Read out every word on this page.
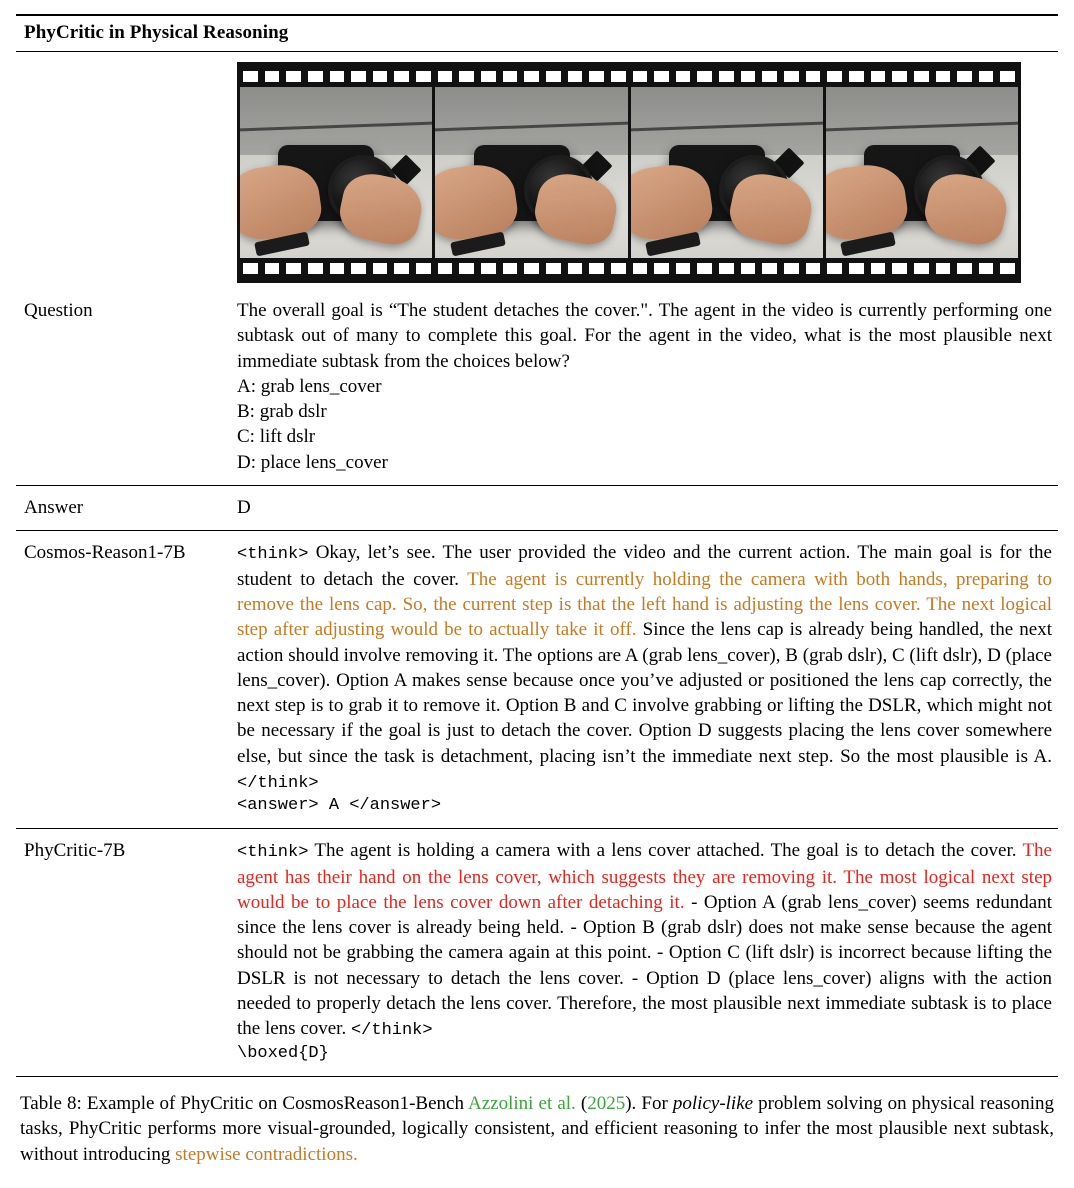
PhyCritic in Physical Reasoning	

Question	The overall goal is “The student detaches the cover.". The agent in the video is currently performing one subtask out of many to complete this goal. For the agent in the video, what is the most plausible next immediate subtask from the choices below?
A: grab lens_cover
B: grab dslr
C: lift dslr
D: place lens_cover

Answer	D

Cosmos-Reason1-7B	<think> Okay, let’s see. The user provided the video and the current action. The main goal is for the student to detach the cover. The agent is currently holding the camera with both hands, preparing to remove the lens cap. So, the current step is that the left hand is adjusting the lens cover. The next logical step after adjusting would be to actually take it off. Since the lens cap is already being handled, the next action should involve removing it. The options are A (grab lens_cover), B (grab dslr), C (lift dslr), D (place lens_cover). Option A makes sense because once you’ve adjusted or positioned the lens cap correctly, the next step is to grab it to remove it. Option B and C involve grabbing or lifting the DSLR, which might not be necessary if the goal is just to detach the cover. Option D suggests placing the lens cover somewhere else, but since the task is detachment, placing isn’t the immediate next step. So the most plausible is A.</think>
<answer> A </answer>

PhyCritic-7B	<think> The agent is holding a camera with a lens cover attached. The goal is to detach the cover. The agent has their hand on the lens cover, which suggests they are removing it. The most logical next step would be to place the lens cover down after detaching it. - Option A (grab lens_cover) seems redundant since the lens cover is already being held. - Option B (grab dslr) does not make sense because the agent should not be grabbing the camera again at this point. - Option C (lift dslr) is incorrect because lifting the DSLR is not necessary to detach the lens cover. - Option D (place lens_cover) aligns with the action needed to properly detach the lens cover. Therefore, the most plausible next immediate subtask is to place the lens cover. </think>
\boxed{D}

Table 8: Example of PhyCritic on CosmosReason1-Bench Azzolini et al. (2025). For policy-like problem solving on physical reasoning tasks, PhyCritic performs more visual-grounded, logically consistent, and efficient reasoning to infer the most plausible next subtask, without introducing stepwise contradictions.
